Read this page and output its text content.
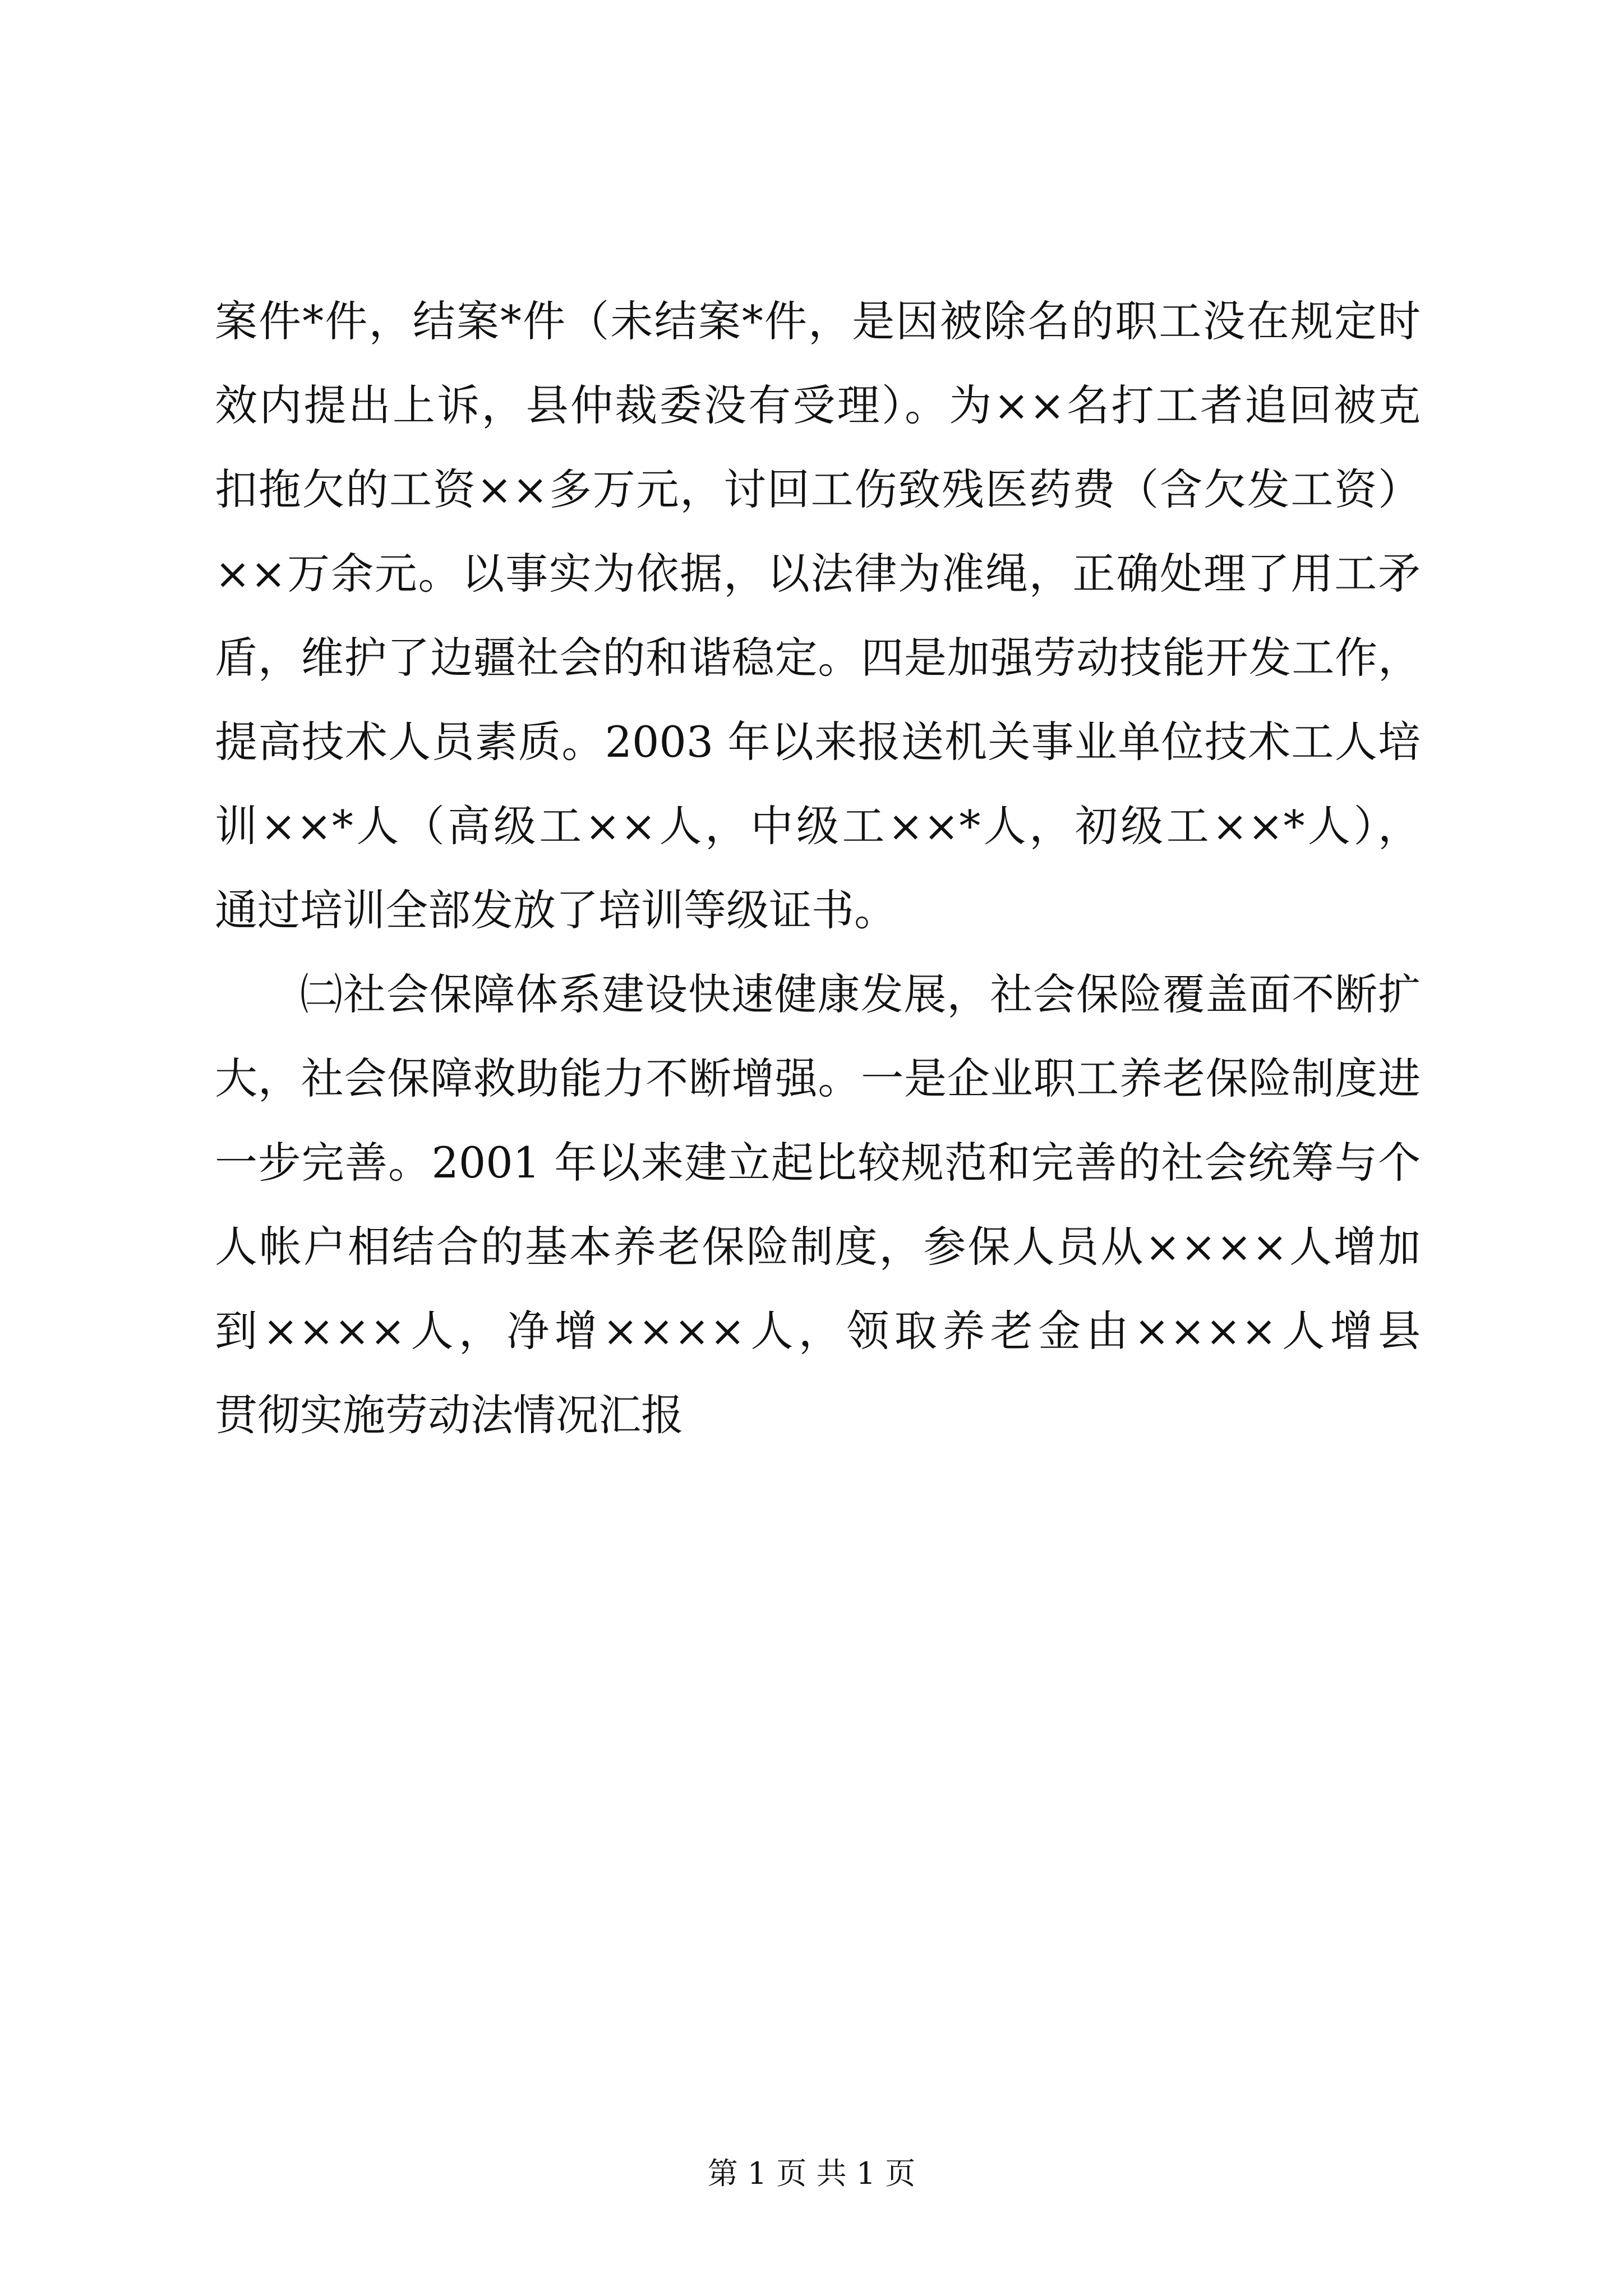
案件*件，结案*件（未结案*件，是因被除名的职工没在规定时
效内提出上诉，县仲裁委没有受理）。为××名打工者追回被克
扣拖欠的工资××多万元，讨回工伤致残医药费（含欠发工资）
××万余元。以事实为依据，以法律为准绳，正确处理了用工矛
盾，维护了边疆社会的和谐稳定。四是加强劳动技能开发工作，
提高技术人员素质。2003 年以来报送机关事业单位技术工人培
训××*人（高级工××人，中级工××*人，初级工××*人），
通过培训全部发放了培训等级证书。
㈡社会保障体系建设快速健康发展，社会保险覆盖面不断扩
大，社会保障救助能力不断增强。一是企业职工养老保险制度进
一步完善。2001 年以来建立起比较规范和完善的社会统筹与个
人帐户相结合的基本养老保险制度，参保人员从××××人增加
到××××人，净增××××人，领取养老金由××××人增县
贯彻实施劳动法情况汇报
第 1 页 共 1 页
